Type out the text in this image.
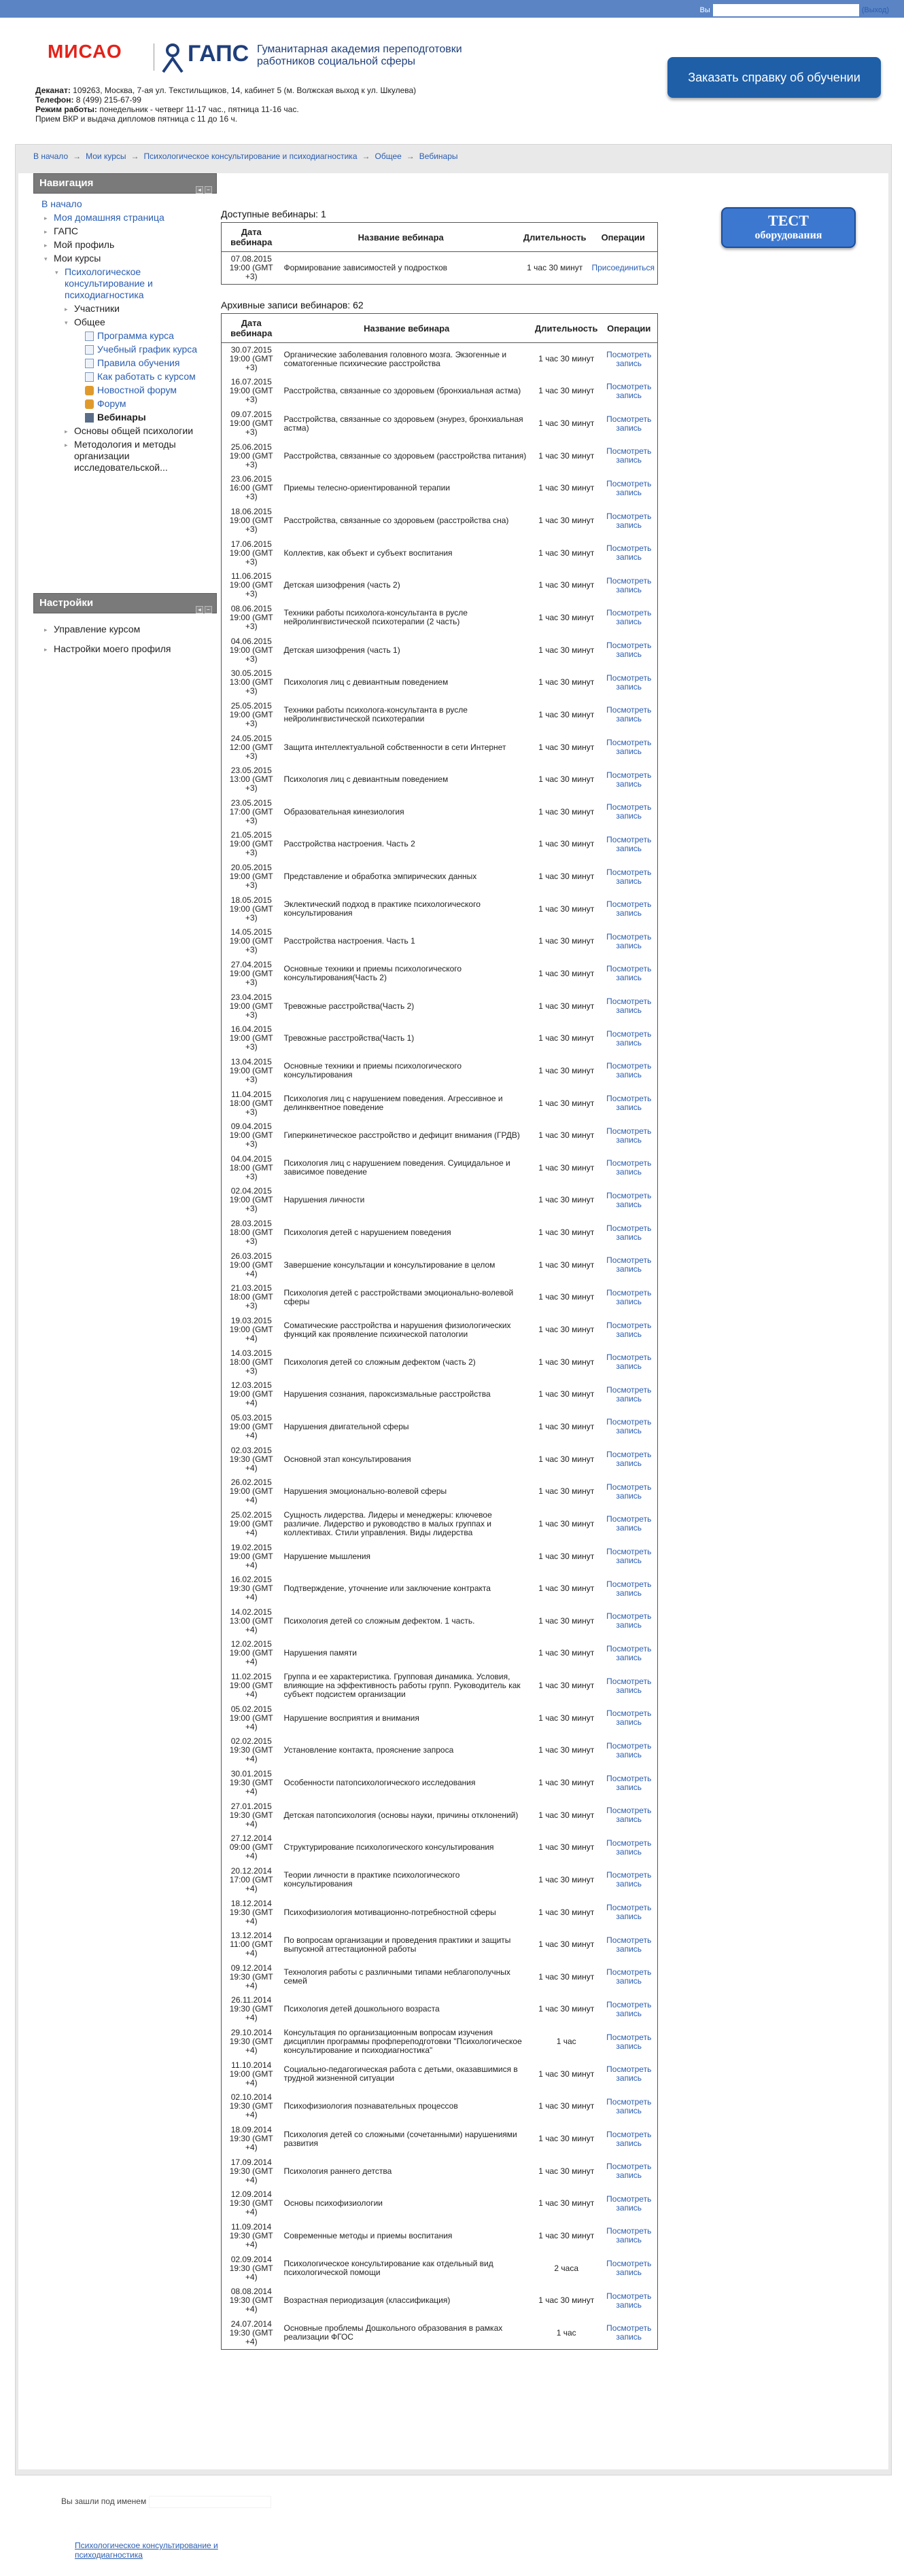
Вы	(Выход)
МИСАО	ГАПС Гуманитарная академия переподготовки работников социальной сферы
Заказать справку об обучении
Деканат: 109263, Москва, 7-ая ул. Текстильщиков, 14, кабинет 5 (м. Волжская выход к ул. Шкулева)
Телефон: 8 (499) 215-67-99
Режим работы: понедельник - четверг 11-17 час., пятница 11-16 час.
Прием ВКР и выдача дипломов пятница с 11 до 16 ч.
В начало → Мои курсы → Психологическое консультирование и психодиагностика → Общее → Вебинары
Навигация
◂ –
В начало
▸ Моя домашняя страница
▸ ГАПС
▸ Мой профиль
▾ Мои курсы
▾ Психологическое консультирование и психодиагностика
▸ Участники
▾ Общее
Программа курса
Учебный график курса
Правила обучения
Как работать с курсом
Новостной форум
Форум
Вебинары
▸ Основы общей психологии
▸ Методология и методы организации исследовательской...
Настройки
◂ –
▸ Управление курсом
▸ Настройки моего профиля
Доступные вебинары: 1
Дата вебинара	Название вебинара	Длительность	Операции
07.08.2015 19:00 (GMT +3)	Формирование зависимостей у подростков	1 час 30 минут	Присоединиться
Архивные записи вебинаров: 62
Дата вебинара	Название вебинара	Длительность	Операции
30.07.2015 19:00 (GMT +3)	Органические заболевания головного мозга. Экзогенные и соматогенные психические расстройства	1 час 30 минут	Посмотреть запись
16.07.2015 19:00 (GMT +3)	Расстройства, связанные со здоровьем (бронхиальная астма)	1 час 30 минут	Посмотреть запись
09.07.2015 19:00 (GMT +3)	Расстройства, связанные со здоровьем (энурез, бронхиальная астма)	1 час 30 минут	Посмотреть запись
25.06.2015 19:00 (GMT +3)	Расстройства, связанные со здоровьем (расстройства питания)	1 час 30 минут	Посмотреть запись
23.06.2015 16:00 (GMT +3)	Приемы телесно-ориентированной терапии	1 час 30 минут	Посмотреть запись
18.06.2015 19:00 (GMT +3)	Расстройства, связанные со здоровьем (расстройства сна)	1 час 30 минут	Посмотреть запись
17.06.2015 19:00 (GMT +3)	Коллектив, как объект и субъект воспитания	1 час 30 минут	Посмотреть запись
11.06.2015 19:00 (GMT +3)	Детская шизофрения (часть 2)	1 час 30 минут	Посмотреть запись
08.06.2015 19:00 (GMT +3)	Техники работы психолога-консультанта в русле нейролингвистической психотерапии (2 часть)	1 час 30 минут	Посмотреть запись
04.06.2015 19:00 (GMT +3)	Детская шизофрения (часть 1)	1 час 30 минут	Посмотреть запись
30.05.2015 13:00 (GMT +3)	Психология лиц с девиантным поведением	1 час 30 минут	Посмотреть запись
25.05.2015 19:00 (GMT +3)	Техники работы психолога-консультанта в русле нейролингвистической психотерапии	1 час 30 минут	Посмотреть запись
24.05.2015 12:00 (GMT +3)	Защита интеллектуальной собственности в сети Интернет	1 час 30 минут	Посмотреть запись
23.05.2015 13:00 (GMT +3)	Психология лиц с девиантным поведением	1 час 30 минут	Посмотреть запись
23.05.2015 17:00 (GMT +3)	Образовательная кинезиология	1 час 30 минут	Посмотреть запись
21.05.2015 19:00 (GMT +3)	Расстройства настроения. Часть 2	1 час 30 минут	Посмотреть запись
20.05.2015 19:00 (GMT +3)	Представление и обработка эмпирических данных	1 час 30 минут	Посмотреть запись
18.05.2015 19:00 (GMT +3)	Эклектический подход в практике психологического консультирования	1 час 30 минут	Посмотреть запись
14.05.2015 19:00 (GMT +3)	Расстройства настроения. Часть 1	1 час 30 минут	Посмотреть запись
27.04.2015 19:00 (GMT +3)	Основные техники и приемы психологического консультирования(Часть 2)	1 час 30 минут	Посмотреть запись
23.04.2015 19:00 (GMT +3)	Тревожные расстройства(Часть 2)	1 час 30 минут	Посмотреть запись
16.04.2015 19:00 (GMT +3)	Тревожные расстройства(Часть 1)	1 час 30 минут	Посмотреть запись
13.04.2015 19:00 (GMT +3)	Основные техники и приемы психологического консультирования	1 час 30 минут	Посмотреть запись
11.04.2015 18:00 (GMT +3)	Психология лиц с нарушением поведения. Агрессивное и делинквентное поведение	1 час 30 минут	Посмотреть запись
09.04.2015 19:00 (GMT +3)	Гиперкинетическое расстройство и дефицит внимания (ГРДВ)	1 час 30 минут	Посмотреть запись
04.04.2015 18:00 (GMT +3)	Психология лиц с нарушением поведения. Суицидальное и зависимое поведение	1 час 30 минут	Посмотреть запись
02.04.2015 19:00 (GMT +3)	Нарушения личности	1 час 30 минут	Посмотреть запись
28.03.2015 18:00 (GMT +3)	Психология детей с нарушением поведения	1 час 30 минут	Посмотреть запись
26.03.2015 19:00 (GMT +4)	Завершение консультации и консультирование в целом	1 час 30 минут	Посмотреть запись
21.03.2015 18:00 (GMT +3)	Психология детей с расстройствами эмоционально-волевой сферы	1 час 30 минут	Посмотреть запись
19.03.2015 19:00 (GMT +4)	Соматические расстройства и нарушения физиологических функций как проявление психической патологии	1 час 30 минут	Посмотреть запись
14.03.2015 18:00 (GMT +3)	Психология детей со сложным дефектом (часть 2)	1 час 30 минут	Посмотреть запись
12.03.2015 19:00 (GMT +4)	Нарушения сознания, пароксизмальные расстройства	1 час 30 минут	Посмотреть запись
05.03.2015 19:00 (GMT +4)	Нарушения двигательной сферы	1 час 30 минут	Посмотреть запись
02.03.2015 19:30 (GMT +4)	Основной этап консультирования	1 час 30 минут	Посмотреть запись
26.02.2015 19:00 (GMT +4)	Нарушения эмоционально-волевой сферы	1 час 30 минут	Посмотреть запись
25.02.2015 19:00 (GMT +4)	Сущность лидерства. Лидеры и менеджеры: ключевое различие. Лидерство и руководство в малых группах и коллективах. Стили управления. Виды лидерства	1 час 30 минут	Посмотреть запись
19.02.2015 19:00 (GMT +4)	Нарушение мышления	1 час 30 минут	Посмотреть запись
16.02.2015 19:30 (GMT +4)	Подтверждение, уточнение или заключение контракта	1 час 30 минут	Посмотреть запись
14.02.2015 13:00 (GMT +4)	Психология детей со сложным дефектом. 1 часть.	1 час 30 минут	Посмотреть запись
12.02.2015 19:00 (GMT +4)	Нарушения памяти	1 час 30 минут	Посмотреть запись
11.02.2015 19:00 (GMT +4)	Группа и ее характеристика. Групповая динамика. Условия, влияющие на эффективность работы групп. Руководитель как субъект подсистем организации	1 час 30 минут	Посмотреть запись
05.02.2015 19:00 (GMT +4)	Нарушение восприятия и внимания	1 час 30 минут	Посмотреть запись
02.02.2015 19:30 (GMT +4)	Установление контакта, прояснение запроса	1 час 30 минут	Посмотреть запись
30.01.2015 19:30 (GMT +4)	Особенности патопсихологического исследования	1 час 30 минут	Посмотреть запись
27.01.2015 19:30 (GMT +4)	Детская патопсихология (основы науки, причины отклонений)	1 час 30 минут	Посмотреть запись
27.12.2014 09:00 (GMT +4)	Структурирование психологического консультирования	1 час 30 минут	Посмотреть запись
20.12.2014 17:00 (GMT +4)	Теории личности в практике психологического консультирования	1 час 30 минут	Посмотреть запись
18.12.2014 19:30 (GMT +4)	Психофизиология мотивационно-потребностной сферы	1 час 30 минут	Посмотреть запись
13.12.2014 11:00 (GMT +4)	По вопросам организации и проведения практики и защиты выпускной аттестационной работы	1 час 30 минут	Посмотреть запись
09.12.2014 19:30 (GMT +4)	Технология работы с различными типами неблагополучных семей	1 час 30 минут	Посмотреть запись
26.11.2014 19:30 (GMT +4)	Психология детей дошкольного возраста	1 час 30 минут	Посмотреть запись
29.10.2014 19:30 (GMT +4)	Консультация по организационным вопросам изучения дисциплин программы профпереподготовки "Психологическое консультирование и психодиагностика"	1 час	Посмотреть запись
11.10.2014 19:00 (GMT +4)	Социально-педагогическая работа с детьми, оказавшимися в трудной жизненной ситуации	1 час 30 минут	Посмотреть запись
02.10.2014 19:30 (GMT +4)	Психофизиология познавательных процессов	1 час 30 минут	Посмотреть запись
18.09.2014 19:30 (GMT +4)	Психология детей со сложными (сочетанными) нарушениями развития	1 час 30 минут	Посмотреть запись
17.09.2014 19:30 (GMT +4)	Психология раннего детства	1 час 30 минут	Посмотреть запись
12.09.2014 19:30 (GMT +4)	Основы психофизиологии	1 час 30 минут	Посмотреть запись
11.09.2014 19:30 (GMT +4)	Современные методы и приемы воспитания	1 час 30 минут	Посмотреть запись
02.09.2014 19:30 (GMT +4)	Психологическое консультирование как отдельный вид психологической помощи	2 часа	Посмотреть запись
08.08.2014 19:30 (GMT +4)	Возрастная периодизация (классификация)	1 час 30 минут	Посмотреть запись
24.07.2014 19:30 (GMT +4)	Основные проблемы Дошкольного образования в рамках реализации ФГОС	1 час	Посмотреть запись
ТЕСТ
оборудования
Вы зашли под именем
Психологическое консультирование и психодиагностика
